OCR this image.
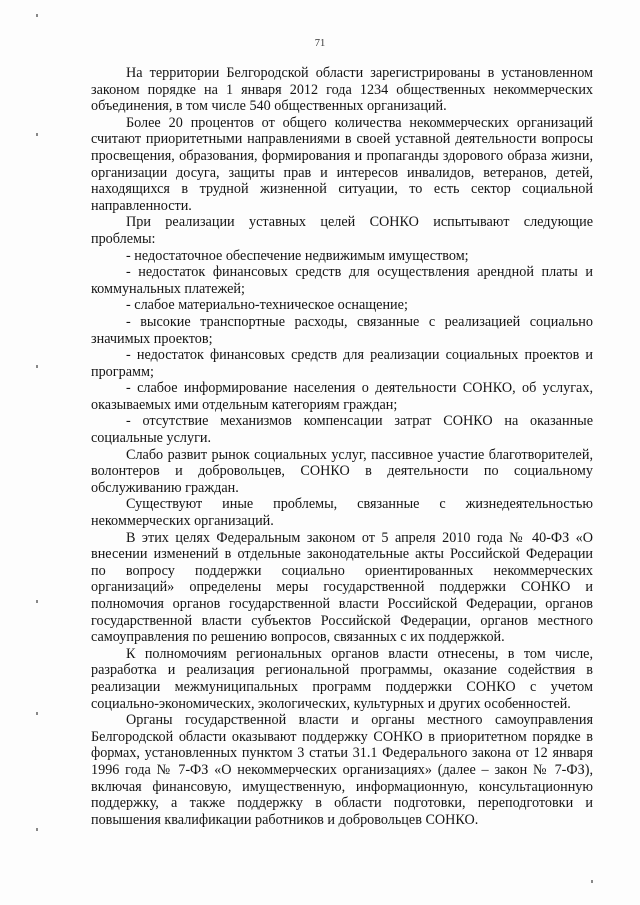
71

На территории Белгородской области зарегистрированы в установленном законом порядке на 1 января 2012 года 1234 общественных некоммерческих объединения, в том числе 540 общественных организаций.

Более 20 процентов от общего количества некоммерческих организаций считают приоритетными направлениями в своей уставной деятельности вопросы просвещения, образования, формирования и пропаганды здорового образа жизни, организации досуга, защиты прав и интересов инвалидов, ветеранов, детей, находящихся в трудной жизненной ситуации, то есть сектор социальной направленности.

При реализации уставных целей СОНКО испытывают следующие проблемы:

- недостаточное обеспечение недвижимым имуществом;

- недостаток финансовых средств для осуществления арендной платы и коммунальных платежей;

- слабое материально-техническое оснащение;

- высокие транспортные расходы, связанные с реализацией социально значимых проектов;

- недостаток финансовых средств для реализации социальных проектов и программ;

- слабое информирование населения о деятельности СОНКО, об услугах, оказываемых ими отдельным категориям граждан;

- отсутствие механизмов компенсации затрат СОНКО на оказанные социальные услуги.

Слабо развит рынок социальных услуг, пассивное участие благотворителей, волонтеров и добровольцев, СОНКО в деятельности по социальному обслуживанию граждан.

Существуют иные проблемы, связанные с жизнедеятельностью некоммерческих организаций.

В этих целях Федеральным законом от 5 апреля 2010 года № 40-ФЗ «О внесении изменений в отдельные законодательные акты Российской Федерации по вопросу поддержки социально ориентированных некоммерческих организаций» определены меры государственной поддержки СОНКО и полномочия органов государственной власти Российской Федерации, органов государственной власти субъектов Российской Федерации, органов местного самоуправления по решению вопросов, связанных с их поддержкой.

К полномочиям региональных органов власти отнесены, в том числе, разработка и реализация региональной программы, оказание содействия в реализации межмуниципальных программ поддержки СОНКО с учетом социально-экономических, экологических, культурных и других особенностей.

Органы государственной власти и органы местного самоуправления Белгородской области оказывают поддержку СОНКО в приоритетном порядке в формах, установленных пунктом 3 статьи 31.1 Федерального закона от 12 января 1996 года № 7-ФЗ «О некоммерческих организациях» (далее – закон № 7-ФЗ), включая финансовую, имущественную, информационную, консультационную поддержку, а также поддержку в области подготовки, переподготовки и повышения квалификации работников и добровольцев СОНКО.
